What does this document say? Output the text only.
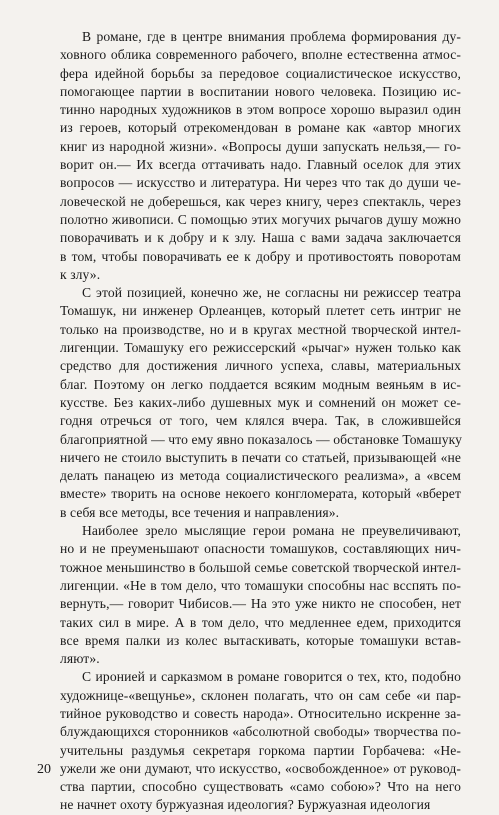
В романе, где в центре внимания проблема формирования ду-
ховного облика современного рабочего, вполне естественна атмос-
фера идейной борьбы за передовое социалистическое искусство,
помогающее партии в воспитании нового человека. Позицию ис-
тинно народных художников в этом вопросе хорошо выразил один
из героев, который отрекомендован в романе как «автор многих
книг из народной жизни». «Вопросы души запускать нельзя,— го-
ворит он.— Их всегда оттачивать надо. Главный оселок для этих
вопросов — искусство и литература. Ни через что так до души че-
ловеческой не доберешься, как через книгу, через спектакль, через
полотно живописи. С помощью этих могучих рычагов душу можно
поворачивать и к добру и к злу. Наша с вами задача заключается
в том, чтобы поворачивать ее к добру и противостоять поворотам
к злу».
С этой позицией, конечно же, не согласны ни режиссер театра
Томашук, ни инженер Орлеанцев, который плетет сеть интриг не
только на производстве, но и в кругах местной творческой интел-
лигенции. Томашуку его режиссерский «рычаг» нужен только как
средство для достижения личного успеха, славы, материальных
благ. Поэтому он легко поддается всяким модным веяньям в ис-
кусстве. Без каких-либо душевных мук и сомнений он может се-
годня отречься от того, чем клялся вчера. Так, в сложившейся
благоприятной — что ему явно показалось — обстановке Томашуку
ничего не стоило выступить в печати со статьей, призывающей «не
делать панацею из метода социалистического реализма», а «всем
вместе» творить на основе некоего конгломерата, который «вберет
в себя все методы, все течения и направления».
Наиболее зрело мыслящие герои романа не преувеличивают,
но и не преуменьшают опасности томашуков, составляющих нич-
тожное меньшинство в большой семье советской творческой интел-
лигенции. «Не в том дело, что томашуки способны нас всспять по-
вернуть,— говорит Чибисов.— На это уже никто не способен, нет
таких сил в мире. А в том дело, что медленнее едем, приходится
все время палки из колес вытаскивать, которые томашуки встав-
ляют».
С иронией и сарказмом в романе говорится о тех, кто, подобно
художнице-«вещунье», склонен полагать, что он сам себе «и пар-
тийное руководство и совесть народа». Относительно искренне за-
блуждающихся сторонников «абсолютной свободы» творчества по-
учительны раздумья секретаря горкома партии Горбачева: «Не-
ужели же они думают, что искусство, «освобожденное» от руковод-
ства партии, способно существовать «само собою»? Что на него
не начнет охоту буржуазная идеология? Буржуазная идеология
20
